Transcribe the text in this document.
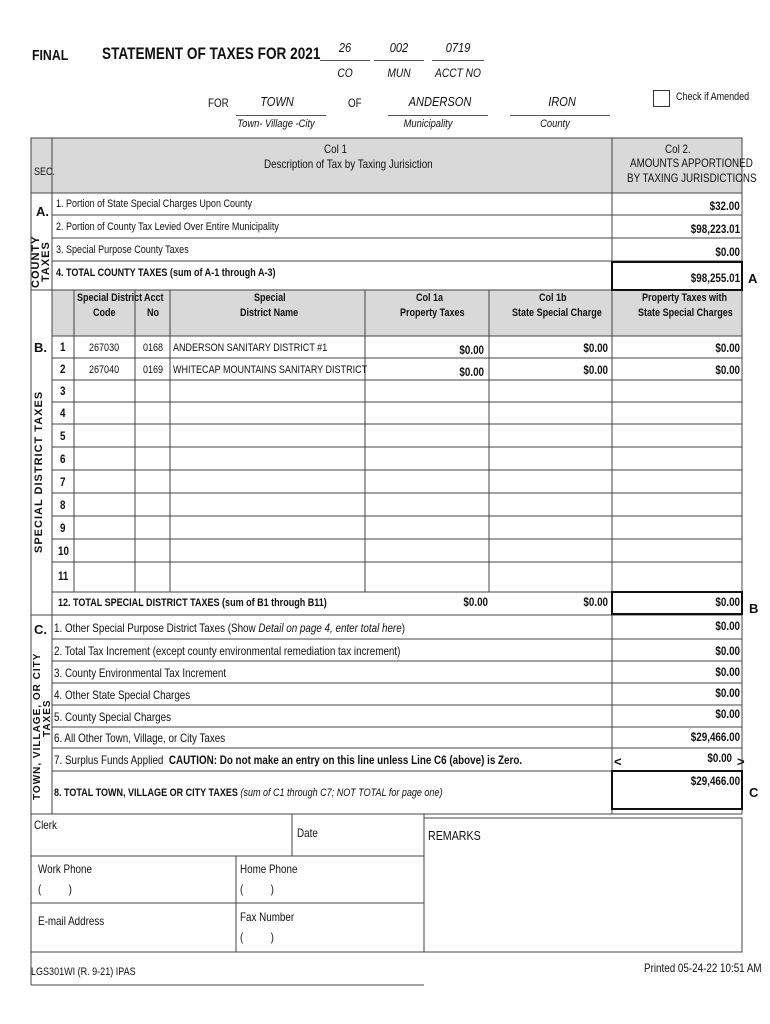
FINAL STATEMENT OF TAXES FOR 2021	26
CO
002
MUN
0719
ACCT NO
FOR	TOWN
Town- Village -City
OF	ANDERSON
Municipality
IRON
County
Check if Amended
SEC.
Col 1
Description of Tax by Taxing Jurisiction
Col 2.
AMOUNTS APPORTIONED
BY TAXING JURISDICTIONS
A.
COUNTY
TAXES
1. Portion of State Special Charges Upon County	$32.00
2. Portion of County Tax Levied Over Entire Municipality	$98,223.01
3. Special Purpose County Taxes	$0.00
4. TOTAL COUNTY TAXES (sum of A-1 through A-3)	$98,255.01 A
B.
SPECIAL DISTRICT TAXES
Special District
Code
Acct
No
Special
District Name
Col 1a
Property Taxes
Col 1b
State Special Charge
Property Taxes with
State Special Charges
1 267030 0168 ANDERSON SANITARY DISTRICT #1	$0.00	$0.00	$0.00
2 267040 0169 WHITECAP MOUNTAINS SANITARY DISTRICT	$0.00	$0.00	$0.00
3
4
5
6
7
8
9
10
11
12. TOTAL SPECIAL DISTRICT TAXES (sum of B1 through B11)	$0.00	$0.00	$0.00 B
C.
TOWN, VILLAGE, OR CITY TAXES
1. Other Special Purpose District Taxes (Show Detail on page 4, enter total here)	$0.00
2. Total Tax Increment (except county environmental remediation tax increment)	$0.00
3. County Environmental Tax Increment	$0.00
4. Other State Special Charges	$0.00
5. County Special Charges	$0.00
6. All Other Town, Village, or City Taxes	$29,466.00
7. Surplus Funds Applied CAUTION: Do not make an entry on this line unless Line C6 (above) is Zero.	<	$0.00 >
8. TOTAL TOWN, VILLAGE OR CITY TAXES (sum of C1 through C7; NOT TOTAL for page one)
$29,466.00
C
Clerk
Date	REMARKS
Work Phone
(          )
Home Phone
(          )
E-mail Address	Fax Number
(          )
LGS301WI (R. 9-21) IPAS	Printed 05-24-22 10:51 AM
